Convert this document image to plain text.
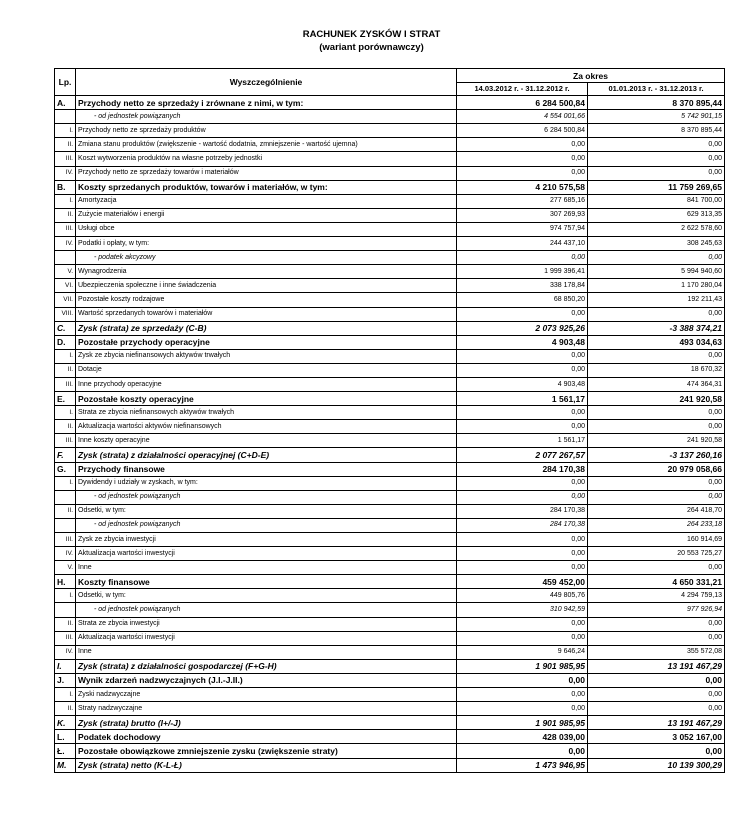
RACHUNEK ZYSKÓW I STRAT
(wariant porównawczy)
Lp.	Wyszczególnienie	Za okres	
		14.03.2012 r. - 31.12.2012 r.	01.01.2013 r. - 31.12.2013 r.
A.	Przychody netto ze sprzedaży i zrównane z nimi, w tym:	6 284 500,84	8 370 895,44
	- od jednostek powiązanych	4 554 001,66	5 742 901,15
I.	Przychody netto ze sprzedaży produktów	6 284 500,84	8 370 895,44
II.	Zmiana stanu produktów (zwiększenie - wartość dodatnia, zmniejszenie - wartość ujemna)	0,00	0,00
III.	Koszt wytworzenia produktów na własne potrzeby jednostki	0,00	0,00
IV.	Przychody netto ze sprzedaży towarów i materiałów	0,00	0,00
B.	Koszty sprzedanych produktów, towarów i materiałów, w tym:	4 210 575,58	11 759 269,65
I.	Amortyzacja	277 685,16	841 700,00
II.	Zużycie materiałów i energii	307 269,93	629 313,35
III.	Usługi obce	974 757,94	2 622 578,60
IV.	Podatki i opłaty, w tym:	244 437,10	308 245,63
	- podatek akcyzowy	0,00	0,00
V.	Wynagrodzenia	1 999 396,41	5 994 940,60
VI.	Ubezpieczenia społeczne i inne świadczenia	338 178,84	1 170 280,04
VII.	Pozostałe koszty rodzajowe	68 850,20	192 211,43
VIII.	Wartość sprzedanych towarów i materiałów	0,00	0,00
C.	Zysk (strata) ze sprzedaży (C-B)	2 073 925,26	-3 388 374,21
D.	Pozostałe przychody operacyjne	4 903,48	493 034,63
I.	Zysk ze zbycia niefinansowych aktywów trwałych	0,00	0,00
II.	Dotacje	0,00	18 670,32
III.	Inne przychody operacyjne	4 903,48	474 364,31
E.	Pozostałe koszty operacyjne	1 561,17	241 920,58
I.	Strata ze zbycia niefinansowych aktywów trwałych	0,00	0,00
II.	Aktualizacja wartości aktywów niefinansowych	0,00	0,00
III.	Inne koszty operacyjne	1 561,17	241 920,58
F.	Zysk (strata) z działalności operacyjnej (C+D-E)	2 077 267,57	-3 137 260,16
G.	Przychody finansowe	284 170,38	20 979 058,66
I.	Dywidendy i udziały w zyskach, w tym:	0,00	0,00
	- od jednostek powiązanych	0,00	0,00
II.	Odsetki, w tym:	284 170,38	264 418,70
	- od jednostek powiązanych	284 170,38	264 233,18
III.	Zysk ze zbycia inwestycji	0,00	160 914,69
IV.	Aktualizacja wartości inwestycji	0,00	20 553 725,27
V.	Inne	0,00	0,00
H.	Koszty finansowe	459 452,00	4 650 331,21
I.	Odsetki, w tym:	449 805,76	4 294 759,13
	- od jednostek powiązanych	310 942,59	977 926,94
II.	Strata ze zbycia inwestycji	0,00	0,00
III.	Aktualizacja wartości inwestycji	0,00	0,00
IV.	Inne	9 646,24	355 572,08
I.	Zysk (strata) z działalności gospodarczej (F+G-H)	1 901 985,95	13 191 467,29
J.	Wynik zdarzeń nadzwyczajnych (J.I.-J.II.)	0,00	0,00
I.	Zyski nadzwyczajne	0,00	0,00
II.	Straty nadzwyczajne	0,00	0,00
K.	Zysk (strata) brutto (I+/-J)	1 901 985,95	13 191 467,29
L.	Podatek dochodowy	428 039,00	3 052 167,00
Ł.	Pozostałe obowiązkowe zmniejszenie zysku (zwiększenie straty)	0,00	0,00
M.	Zysk (strata) netto (K-L-Ł)	1 473 946,95	10 139 300,29
